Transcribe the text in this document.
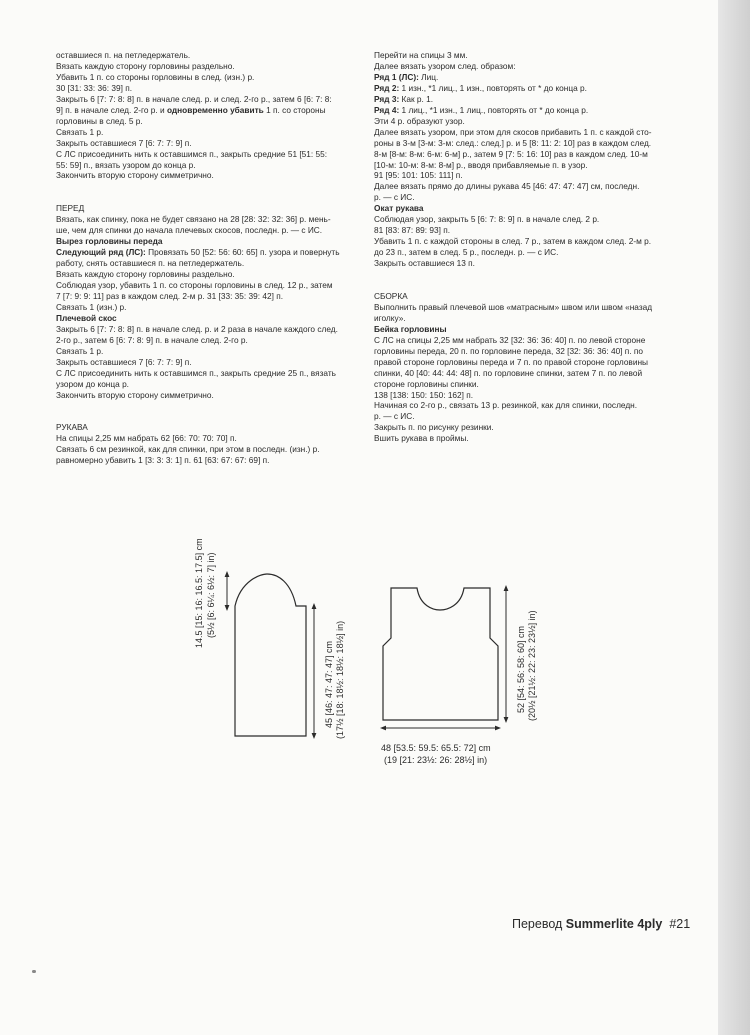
оставшиеся п. на петледержатель.

Вязать каждую сторону горловины раздельно.

Убавить 1 п. со стороны горловины в след. (изн.) р.

30 [31: 33: 36: 39] п.

Закрыть 6 [7: 7: 8: 8] п. в начале след. р. и след. 2-го р., затем 6 [6: 7: 8:

9] п. в начале след. 2-го р. и одновременно убавить 1 п. со стороны

горловины в след. 5 р.

Связать 1 р.

Закрыть оставшиеся 7 [6: 7: 7: 9] п.

С ЛС присоединить нить к оставшимся п., закрыть средние 51 [51: 55:

55: 59] п., вязать узором до конца р.

Закончить вторую сторону симметрично.

ПЕРЕД

Вязать, как спинку, пока не будет связано на 28 [28: 32: 32: 36] р. мень-

ше, чем для спинки до начала плечевых скосов, последн. р. — с ИС.

Вырез горловины переда

Следующий ряд (ЛС): Провязать 50 [52: 56: 60: 65] п. узора и повернуть

работу, снять оставшиеся п. на петледержатель.

Вязать каждую сторону горловины раздельно.

Соблюдая узор, убавить 1 п. со стороны горловины в след. 12 р., затем

7 [7: 9: 9: 11] раз в каждом след. 2-м р. 31 [33: 35: 39: 42] п.

Связать 1 (изн.) р.

Плечевой скос

Закрыть 6 [7: 7: 8: 8] п. в начале след. р. и 2 раза в начале каждого след.

2-го р., затем 6 [6: 7: 8: 9] п. в начале след. 2-го р.

Связать 1 р.

Закрыть оставшиеся 7 [6: 7: 7: 9] п.

С ЛС присоединить нить к оставшимся п., закрыть средние 25 п., вязать

узором до конца р.

Закончить вторую сторону симметрично.

РУКАВА

На спицы 2,25 мм набрать 62 [66: 70: 70: 70] п.

Связать 6 см резинкой, как для спинки, при этом в последн. (изн.) р.

равномерно убавить 1 [3: 3: 3: 1] п. 61 [63: 67: 67: 69] п.

Перейти на спицы 3 мм.

Далее вязать узором след. образом:

Ряд 1 (ЛС): Лиц.

Ряд 2: 1 изн., *1 лиц., 1 изн., повторять от * до конца р.

Ряд 3: Как р. 1.

Ряд 4: 1 лиц., *1 изн., 1 лиц., повторять от * до конца р.

Эти 4 р. образуют узор.

Далее вязать узором, при этом для скосов прибавить 1 п. с каждой сто-

роны в 3-м [3-м: 3-м: след.: след.] р. и 5 [8: 11: 2: 10] раз в каждом след.

8-м [8-м: 8-м: 6-м: 6-м] р., затем 9 [7: 5: 16: 10] раз в каждом след. 10-м

[10-м: 10-м: 8-м: 8-м] р., вводя прибавляемые п. в узор.

91 [95: 101: 105: 111] п.

Далее вязать прямо до длины рукава 45 [46: 47: 47: 47] см, последн.

р. — с ИС.

Окат рукава

Соблюдая узор, закрыть 5 [6: 7: 8: 9] п. в начале след. 2 р.

81 [83: 87: 89: 93] п.

Убавить 1 п. с каждой стороны в след. 7 р., затем в каждом след. 2-м р.

до 23 п., затем в след. 5 р., последн. р. — с ИС.

Закрыть оставшиеся 13 п.

СБОРКА

Выполнить правый плечевой шов «матрасным» швом или швом «назад

иголку».

Бейка горловины

С ЛС на спицы 2,25 мм набрать 32 [32: 36: 36: 40] п. по левой стороне

горловины переда, 20 п. по горловине переда, 32 [32: 36: 36: 40] п. по

правой стороне горловины переда и 7 п. по правой стороне горловины

спинки, 40 [40: 44: 44: 48] п. по горловине спинки, затем 7 п. по левой

стороне горловины спинки.

138 [138: 150: 150: 162] п.

Начиная со 2-го р., связать 13 р. резинкой, как для спинки, последн.

р. — с ИС.

Закрыть п. по рисунку резинки.

Вшить рукава в проймы.

14.5 [15: 16: 16.5: 17.5] cm (5½ [6: 6¼: 6½: 7] in)
45 [46: 47: 47: 47] cm (17½ [18: 18½: 18½: 18½] in)	52 [54: 56: 58: 60] cm (20½ [21½: 22: 23: 23½] in)
48 [53.5: 59.5: 65.5: 72] cm
(19 [21: 23½: 26: 28½] in)
Перевод Summerlite 4ply #21
